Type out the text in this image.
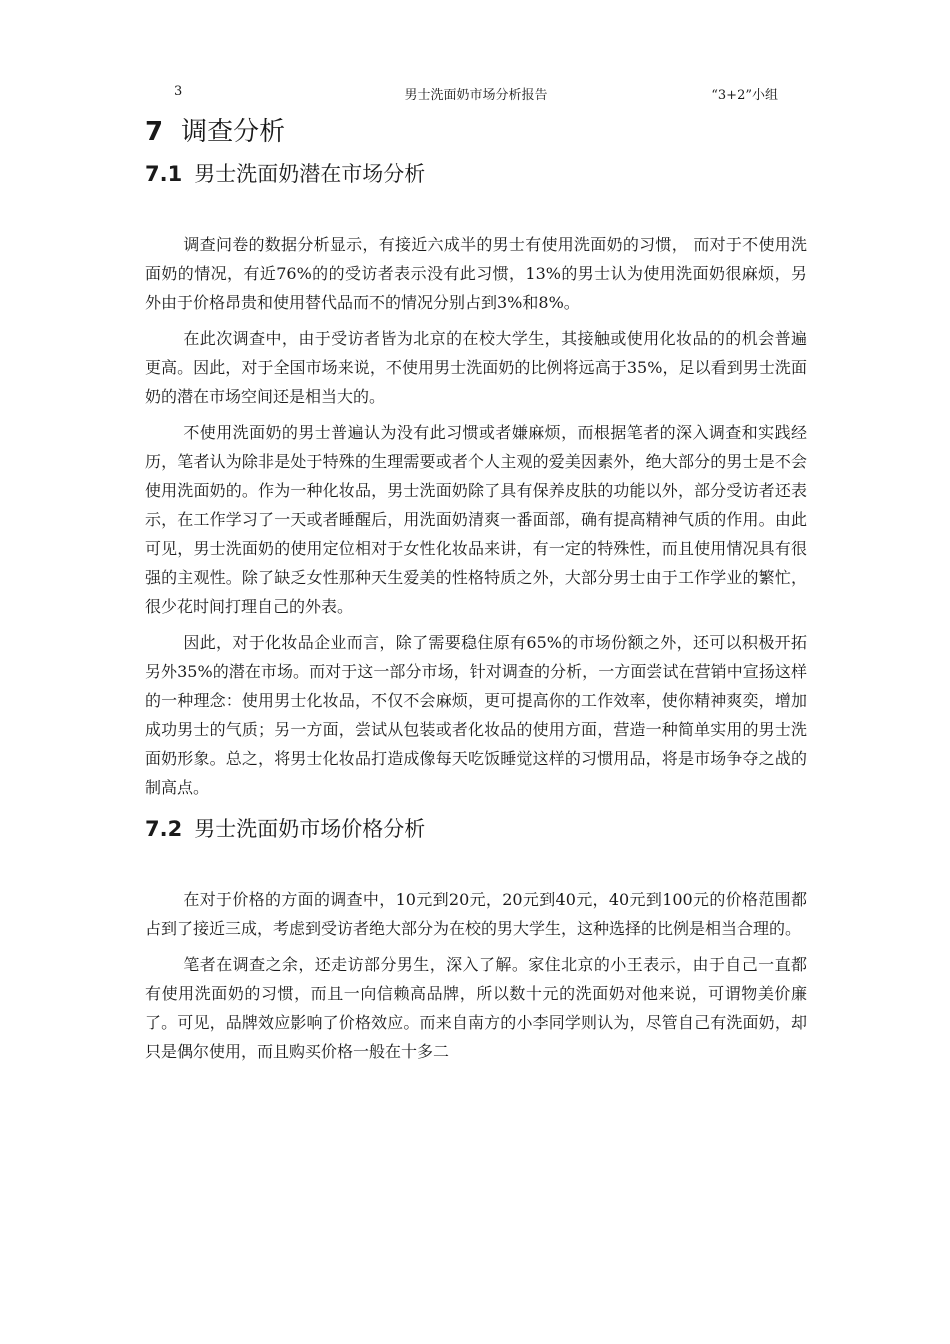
3	男士洗面奶市场分析报告	“3+2”小组
7 调查分析
7.1 男士洗面奶潜在市场分析

调查问卷的数据分析显示，有接近六成半的男士有使用洗面奶的习惯， 而对于不使用洗面奶的情况，有近76%的的受访者表示没有此习惯，13%的男士认为使用洗面奶很麻烦，另外由于价格昂贵和使用替代品而不的情况分别占到3%和8%。

在此次调查中，由于受访者皆为北京的在校大学生，其接触或使用化妆品的的机会普遍更高。因此，对于全国市场来说，不使用男士洗面奶的比例将远高于35%，足以看到男士洗面奶的潜在市场空间还是相当大的。

不使用洗面奶的男士普遍认为没有此习惯或者嫌麻烦，而根据笔者的深入调查和实践经历，笔者认为除非是处于特殊的生理需要或者个人主观的爱美因素外，绝大部分的男士是不会使用洗面奶的。作为一种化妆品，男士洗面奶除了具有保养皮肤的功能以外，部分受访者还表示，在工作学习了一天或者睡醒后，用洗面奶清爽一番面部，确有提高精神气质的作用。由此可见，男士洗面奶的使用定位相对于女性化妆品来讲，有一定的特殊性，而且使用情况具有很强的主观性。除了缺乏女性那种天生爱美的性格特质之外，大部分男士由于工作学业的繁忙，很少花时间打理自己的外表。

因此，对于化妆品企业而言，除了需要稳住原有65%的市场份额之外，还可以积极开拓另外35%的潜在市场。而对于这一部分市场，针对调查的分析，一方面尝试在营销中宣扬这样的一种理念：使用男士化妆品，不仅不会麻烦，更可提高你的工作效率，使你精神爽奕，增加成功男士的气质；另一方面，尝试从包装或者化妆品的使用方面，营造一种简单实用的男士洗面奶形象。总之，将男士化妆品打造成像每天吃饭睡觉这样的习惯用品，将是市场争夺之战的制高点。

7.2 男士洗面奶市场价格分析

在对于价格的方面的调查中，10元到20元，20元到40元，40元到100元的价格范围都占到了接近三成，考虑到受访者绝大部分为在校的男大学生，这种选择的比例是相当合理的。

笔者在调查之余，还走访部分男生，深入了解。家住北京的小王表示，由于自己一直都有使用洗面奶的习惯，而且一向信赖高品牌，所以数十元的洗面奶对他来说，可谓物美价廉了。可见，品牌效应影响了价格效应。而来自南方的小李同学则认为，尽管自己有洗面奶，却只是偶尔使用，而且购买价格一般在十多二
